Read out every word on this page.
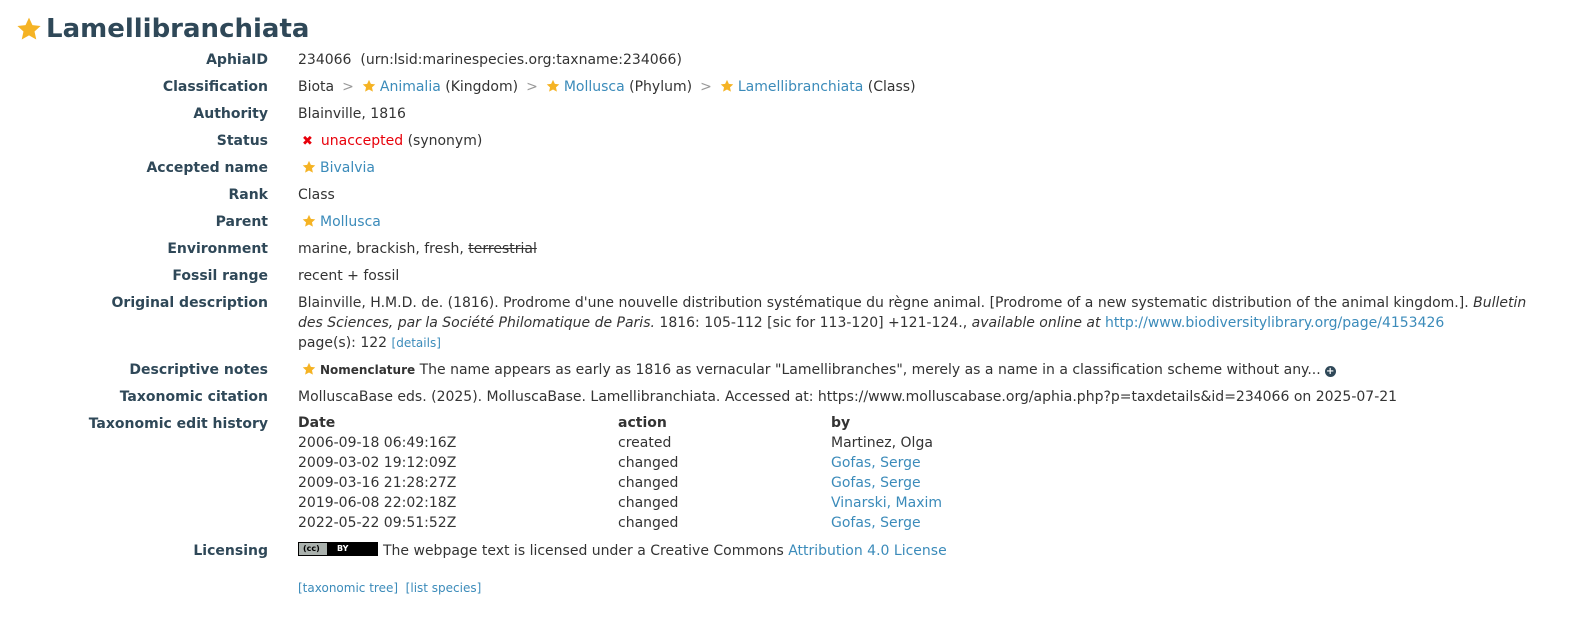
Lamellibranchiata
AphiaID 234066 (urn:lsid:marinespecies.org:taxname:234066)
Classification Biota > Animalia (Kingdom) > Mollusca (Phylum) > Lamellibranchiata (Class)
Authority Blainville, 1816
Status	✖ unaccepted (synonym)
Accepted name	Bivalvia
Rank Class
Parent	Mollusca
Environment marine, brackish, fresh, terrestrial
Fossil range recent + fossil
Original description Blainville, H.M.D. de. (1816). Prodrome d'une nouvelle distribution systématique du règne animal. [Prodrome of a new systematic distribution of the animal kingdom.]. Bulletin des Sciences, par la Société Philomatique de Paris. 1816: 105-112 [sic for 113-120] +121-124., available online at http://www.biodiversitylibrary.org/page/4153426
page(s): 122 [details]
Descriptive notes	Nomenclature The name appears as early as 1816 as vernacular "Lamellibranches", merely as a name in a classification scheme without any... +
Taxonomic citation MolluscaBase eds. (2025). MolluscaBase. Lamellibranchiata. Accessed at: https://www.molluscabase.org/aphia.php?p=taxdetails&id=234066 on 2025-07-21
Taxonomic edit history Date	action	by
2006-09-18 06:49:16Z	created	Martinez, Olga
2009-03-02 19:12:09Z	changed	Gofas, Serge
2009-03-16 21:28:27Z	changed	Gofas, Serge
2019-06-08 22:02:18Z	changed	Vinarski, Maxim
2022-05-22 09:51:52Z	changed	Gofas, Serge
Licensing	(cc) BY The webpage text is licensed under a Creative Commons Attribution 4.0 License
[taxonomic tree] [list species]
